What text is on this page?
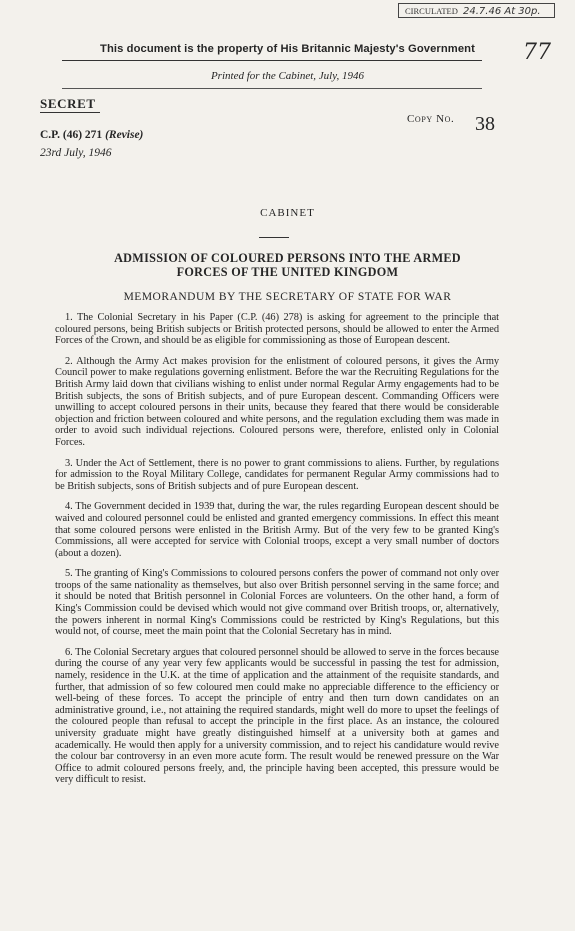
CIRCULATED 24.7.46 At 30p.
77
This document is the property of His Britannic Majesty's Government
Printed for the Cabinet, July, 1946
SECRET
Copy No. 38
C.P. (46) 271 (Revise)
23rd July, 1946
CABINET
ADMISSION OF COLOURED PERSONS INTO THE ARMED
FORCES OF THE UNITED KINGDOM
MEMORANDUM BY THE SECRETARY OF STATE FOR WAR

1. The Colonial Secretary in his Paper (C.P. (46) 278) is asking for agreement to the principle that coloured persons, being British subjects or British protected persons, should be allowed to enter the Armed Forces of the Crown, and should be as eligible for commissioning as those of European descent.

2. Although the Army Act makes provision for the enlistment of coloured persons, it gives the Army Council power to make regulations governing enlistment. Before the war the Recruiting Regulations for the British Army laid down that civilians wishing to enlist under normal Regular Army engagements had to be British subjects, the sons of British subjects, and of pure European descent. Commanding Officers were unwilling to accept coloured persons in their units, because they feared that there would be considerable objection and friction between coloured and white persons, and the regulation excluding them was made in order to avoid such individual rejections. Coloured persons were, therefore, enlisted only in Colonial Forces.

3. Under the Act of Settlement, there is no power to grant commissions to aliens. Further, by regulations for admission to the Royal Military College, candidates for permanent Regular Army commissions had to be British subjects, sons of British subjects and of pure European descent.

4. The Government decided in 1939 that, during the war, the rules regarding European descent should be waived and coloured personnel could be enlisted and granted emergency commissions. In effect this meant that some coloured persons were enlisted in the British Army. But of the very few to be granted King's Commissions, all were accepted for service with Colonial troops, except a very small number of doctors (about a dozen).

5. The granting of King's Commissions to coloured persons confers the power of command not only over troops of the same nationality as themselves, but also over British personnel serving in the same force; and it should be noted that British personnel in Colonial Forces are volunteers. On the other hand, a form of King's Commission could be devised which would not give command over British troops, or, alternatively, the powers inherent in normal King's Commissions could be restricted by King's Regulations, but this would not, of course, meet the main point that the Colonial Secretary has in mind.

6. The Colonial Secretary argues that coloured personnel should be allowed to serve in the forces because during the course of any year very few applicants would be successful in passing the test for admission, namely, residence in the U.K. at the time of application and the attainment of the requisite standards, and further, that admission of so few coloured men could make no appreciable difference to the efficiency or well-being of these forces. To accept the principle of entry and then turn down candidates on an administrative ground, i.e., not attaining the required standards, might well do more to upset the feelings of the coloured people than refusal to accept the principle in the first place. As an instance, the coloured university graduate might have greatly distinguished himself at a university both at games and academically. He would then apply for a university commission, and to reject his candidature would revive the colour bar controversy in an even more acute form. The result would be renewed pressure on the War Office to admit coloured persons freely, and, the principle having been accepted, this pressure would be very difficult to resist.
